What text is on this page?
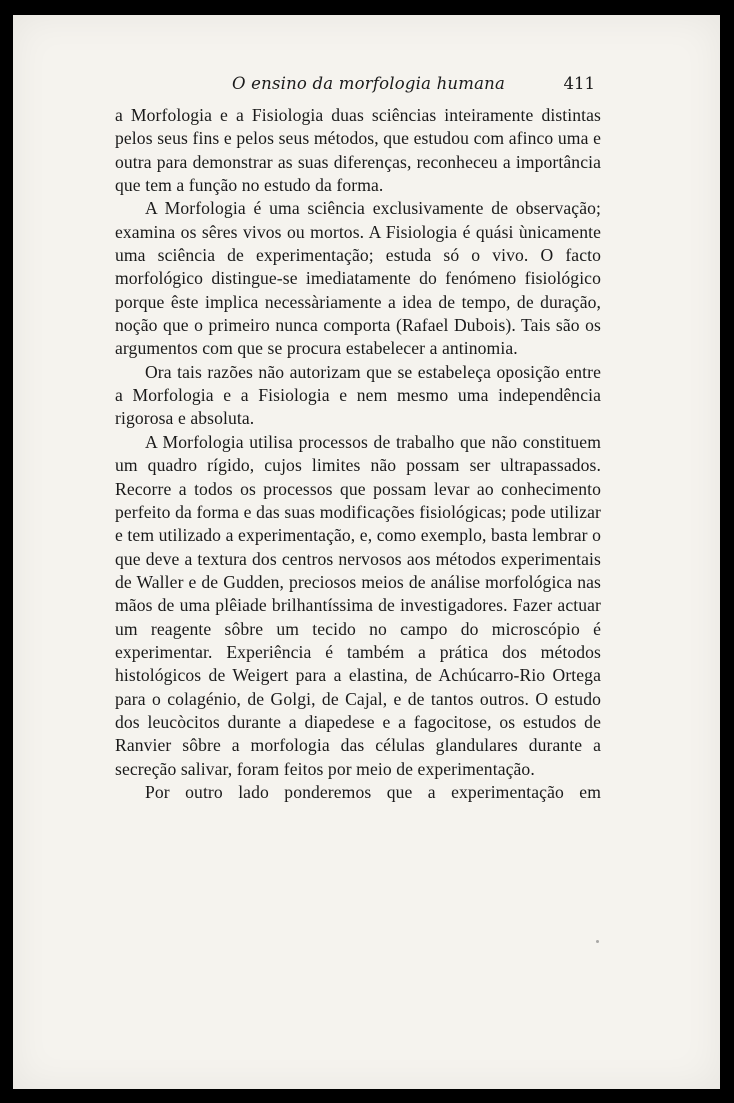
O ensino da morfologia humana	411

a Morfologia e a Fisiologia duas sciências inteiramente distintas pelos seus fins e pelos seus métodos, que estudou com afinco uma e outra para demonstrar as suas diferenças, reconheceu a importância que tem a função no estudo da forma.

A Morfologia é uma sciência exclusivamente de observação; examina os sêres vivos ou mortos. A Fisiologia é quási ùnicamente uma sciência de experimentação; estuda só o vivo. O facto morfológico distingue-se imediatamente do fenómeno fisiológico porque êste implica necessàriamente a idea de tempo, de duração, noção que o primeiro nunca comporta (Rafael Dubois). Tais são os argumentos com que se procura estabelecer a antinomia.

Ora tais razões não autorizam que se estabeleça oposição entre a Morfologia e a Fisiologia e nem mesmo uma independência rigorosa e absoluta.

A Morfologia utilisa processos de trabalho que não constituem um quadro rígido, cujos limites não possam ser ultrapassados. Recorre a todos os processos que possam levar ao conhecimento perfeito da forma e das suas modificações fisiológicas; pode utilizar e tem utilizado a experimentação, e, como exemplo, basta lembrar o que deve a textura dos centros nervosos aos métodos experimentais de Waller e de Gudden, preciosos meios de análise morfológica nas mãos de uma plêiade brilhantíssima de investigadores. Fazer actuar um reagente sôbre um tecido no campo do microscópio é experimentar. Experiência é também a prática dos métodos histológicos de Weigert para a elastina, de Achúcarro-Rio Ortega para o colagénio, de Golgi, de Cajal, e de tantos outros. O estudo dos leucòcitos durante a diapedese e a fagocitose, os estudos de Ranvier sôbre a morfologia das células glandulares durante a secreção salivar, foram feitos por meio de experimentação.

Por outro lado ponderemos que a experimentação em
